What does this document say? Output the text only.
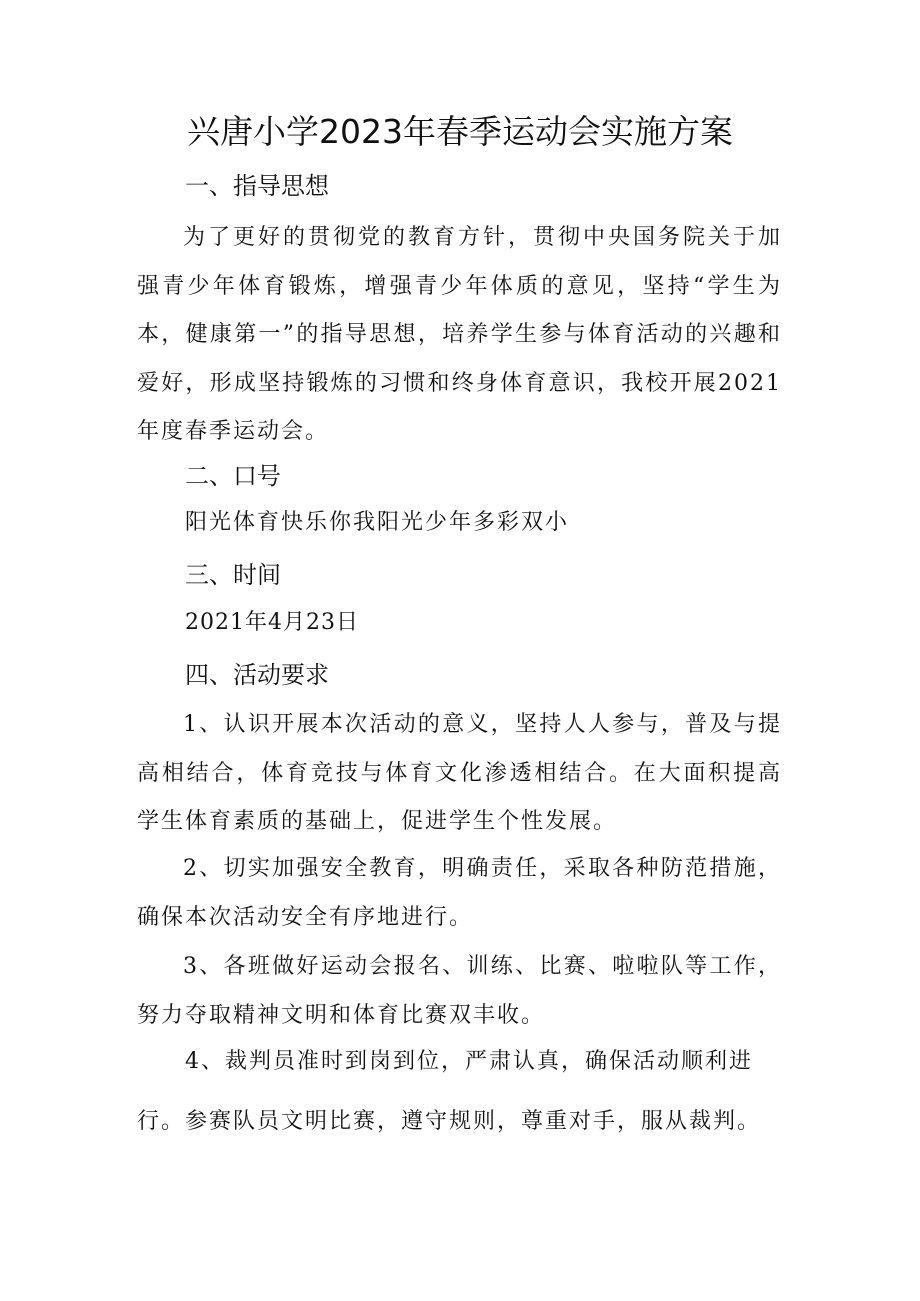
兴唐小学2023年春季运动会实施方案
一、指导思想
为了更好的贯彻党的教育方针，贯彻中央国务院关于加强青少年体育锻炼，增强青少年体质的意见，坚持“学生为本，健康第一”的指导思想，培养学生参与体育活动的兴趣和爱好，形成坚持锻炼的习惯和终身体育意识，我校开展2021年度春季运动会。
二、口号
阳光体育快乐你我阳光少年多彩双小
三、时间
2021年4月23日
四、活动要求
1、认识开展本次活动的意义，坚持人人参与，普及与提高相结合，体育竞技与体育文化渗透相结合。在大面积提高学生体育素质的基础上，促进学生个性发展。
2、切实加强安全教育，明确责任，采取各种防范措施，确保本次活动安全有序地进行。
3、各班做好运动会报名、训练、比赛、啦啦队等工作，努力夺取精神文明和体育比赛双丰收。
4、裁判员准时到岗到位，严肃认真，确保活动顺利进
行。参赛队员文明比赛，遵守规则，尊重对手，服从裁判。
